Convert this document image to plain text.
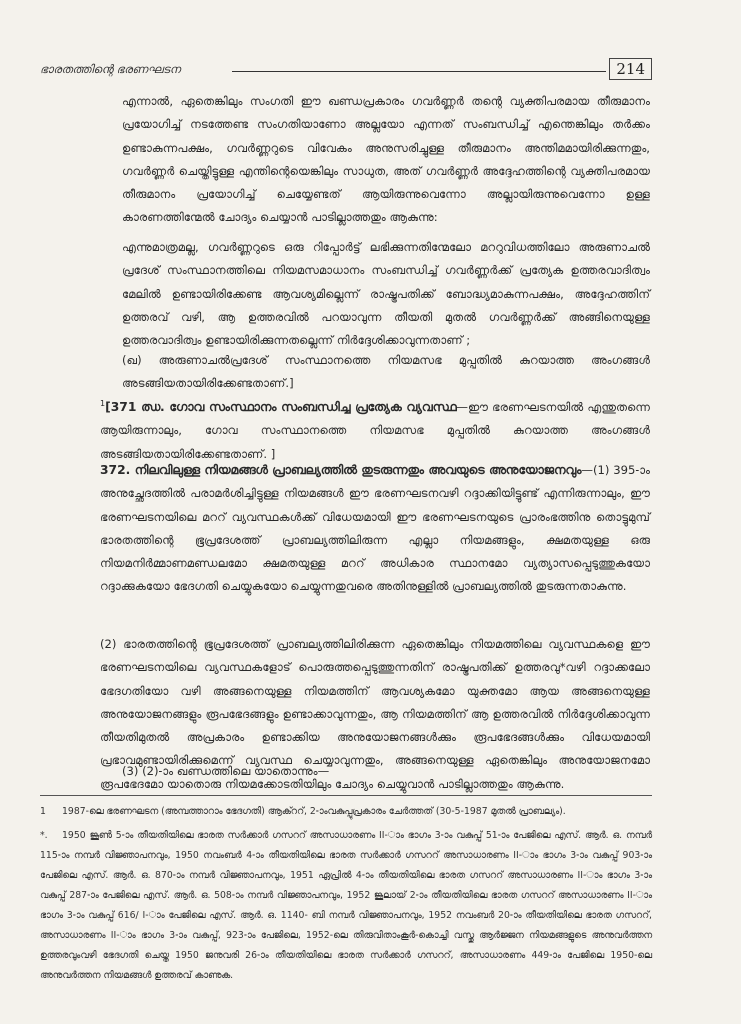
ഭാരതത്തിന്റെ ഭരണഘടന	214

എന്നാൽ, ഏതെങ്കിലും സംഗതി ഈ ഖണ്ഡപ്രകാരം ഗവർണ്ണർ തന്റെ വ്യക്തിപരമായ തീരുമാനം പ്രയോഗിച്ച് നടത്തേണ്ട സംഗതിയാണോ അല്ലയോ എന്നത് സംബന്ധിച്ച് എന്തെങ്കിലും തർക്കം ഉണ്ടാകുന്നപക്ഷം, ഗവർണ്ണറുടെ വിവേകം അനുസരിച്ചുള്ള തീരുമാനം അന്തിമമായിരിക്കുന്നതും, ഗവർണ്ണർ ചെയ്തിട്ടുള്ള എന്തിന്റെയെങ്കിലും സാധുത, അത് ഗവർണ്ണർ അദ്ദേഹത്തിന്റെ വ്യക്തിപരമായ തീരുമാനം പ്രയോഗിച്ച് ചെയ്യേണ്ടത് ആയിരുന്നുവെന്നോ അല്ലായിരുന്നുവെന്നോ ഉള്ള കാരണത്തിന്മേൽ ചോദ്യം ചെയ്യാൻ പാടില്ലാത്തതും ആകുന്നു:

എന്നുമാത്രമല്ല, ഗവർണ്ണറുടെ ഒരു റിപ്പോർട്ട് ലഭിക്കുന്നതിന്മേലോ മററുവിധത്തിലോ അരുണാചൽ പ്രദേശ് സംസ്ഥാനത്തിലെ നിയമസമാധാനം സംബന്ധിച്ച് ഗവർണ്ണർക്ക് പ്രത്യേക ഉത്തരവാദിത്വം മേലിൽ ഉണ്ടായിരിക്കേണ്ട ആവശ്യമില്ലെന്ന് രാഷ്ട്രപതിക്ക് ബോദ്ധ്യമാകുന്നപക്ഷം, അദ്ദേഹത്തിന് ഉത്തരവ് വഴി, ആ ഉത്തരവിൽ പറയാവുന്ന തീയതി മുതൽ ഗവർണ്ണർക്ക് അങ്ങിനെയുള്ള ഉത്തരവാദിത്വം ഉണ്ടായിരിക്കുന്നതല്ലെന്ന് നിർദ്ദേശിക്കാവുന്നതാണ് ;

(ഖ) അരുണാചൽപ്രദേശ് സംസ്ഥാനത്തെ നിയമസഭ മുപ്പതിൽ കുറയാത്ത അംഗങ്ങൾ അടങ്ങിയതായിരിക്കേണ്ടതാണ്.]

$^1$[371 ഝ. ഗോവ സംസ്ഥാനം സംബന്ധിച്ച പ്രത്യേക വ്യവസ്ഥ—ഈ ഭരണഘടനയിൽ എന്തുതന്നെ ആയിരുന്നാലും, ഗോവ സംസ്ഥാനത്തെ നിയമസഭ മുപ്പതിൽ കുറയാത്ത അംഗങ്ങൾ അടങ്ങിയതായിരിക്കേണ്ടതാണ്. ]

372. നിലവിലുള്ള നിയമങ്ങൾ പ്രാബല്യത്തിൽ തുടരുന്നതും അവയുടെ അനുയോജനവും—(1) 395-ാം അനുച്ഛേദത്തിൽ പരാമർശിച്ചിട്ടുള്ള നിയമങ്ങൾ ഈ ഭരണഘടനവഴി റദ്ദാക്കിയിട്ടുണ്ട് എന്നിരുന്നാലും, ഈ ഭരണഘടനയിലെ മററ് വ്യവസ്ഥകൾക്ക് വിധേയമായി ഈ ഭരണഘടനയുടെ പ്രാരംഭത്തിനു തൊട്ടുമുമ്പ് ഭാരതത്തിന്റെ ഭൂപ്രദേശത്ത് പ്രാബല്യത്തിലിരുന്ന എല്ലാ നിയമങ്ങളും, ക്ഷമതയുള്ള ഒരു നിയമനിർമ്മാണമണ്ഡലമോ ക്ഷമതയുള്ള മററ് അധികാര സ്ഥാനമോ വ്യത്യാസപ്പെടുത്തുകയോ റദ്ദാക്കുകയോ ഭേദഗതി ചെയ്യുകയോ ചെയ്യുന്നതുവരെ അതിനുള്ളിൽ പ്രാബല്യത്തിൽ തുടരുന്നതാകുന്നു.

(2) ഭാരതത്തിന്റെ ഭൂപ്രദേശത്ത് പ്രാബല്യത്തിലിരിക്കുന്ന ഏതെങ്കിലും നിയമത്തിലെ വ്യവസ്ഥകളെ ഈ ഭരണഘടനയിലെ വ്യവസ്ഥകളോട് പൊരുത്തപ്പെടുത്തുന്നതിന് രാഷ്ട്രപതിക്ക് ഉത്തരവു*വഴി റദ്ദാക്കലോ ഭേദഗതിയോ വഴി അങ്ങനെയുള്ള നിയമത്തിന് ആവശ്യകമോ യുക്തമോ ആയ അങ്ങനെയുള്ള അനുയോജനങ്ങളും രൂപഭേദങ്ങളും ഉണ്ടാക്കാവുന്നതും, ആ നിയമത്തിന് ആ ഉത്തരവിൽ നിർദ്ദേശിക്കാവുന്ന തീയതിമുതൽ അപ്രകാരം ഉണ്ടാക്കിയ അനുയോജനങ്ങൾക്കും രൂപഭേദങ്ങൾക്കും വിധേയമായി പ്രഭാവമുണ്ടായിരിക്കുമെന്ന് വ്യവസ്ഥ ചെയ്യാവുന്നതും, അങ്ങനെയുള്ള ഏതെങ്കിലും അനുയോജനമോ രൂപഭേദമോ യാതൊരു നിയമക്കോടതിയിലും ചോദ്യം ചെയ്യുവാൻ പാടില്ലാത്തതും ആകുന്നു.

(3) (2)-ാം ഖണ്ഡത്തിലെ യാതൊന്നും—

1 1987-ലെ ഭരണഘടന (അമ്പത്താറാം ഭേദഗതി) ആക്ററ്, 2-ാംവകുപ്പുപ്രകാരം ചേർത്തത് (30-5-1987 മുതൽ പ്രാബല്യം).

*. 1950 ജൂൺ 5-ാം തീയതിയിലെ ഭാരത സർക്കാർ ഗസററ് അസാധാരണം II-ാം ഭാഗം 3-ാം വകുപ്പ് 51-ാം പേജിലെ എസ്. ആർ. ഒ. നമ്പർ 115-ാം നമ്പർ വിജ്ഞാപനവും, 1950 നവംബർ 4-ാം തീയതിയിലെ ഭാരത സർക്കാർ ഗസററ് അസാധാരണം II-ാം ഭാഗം 3-ാം വകുപ്പ് 903-ാം പേജിലെ എസ്. ആർ. ഒ. 870-ാം നമ്പർ വിജ്ഞാപനവും, 1951 ഏപ്രിൽ 4-ാം തീയതിയിലെ ഭാരത ഗസററ് അസാധാരണം II-ാം ഭാഗം 3-ാം വകുപ്പ് 287-ാം പേജിലെ എസ്. ആർ. ഒ. 508-ാം നമ്പർ വിജ്ഞാപനവും, 1952 ജൂലായ് 2-ാം തീയതിയിലെ ഭാരത ഗസററ് അസാധാരണം II-ാം ഭാഗം 3-ാം വകുപ്പ് 616/ I-ാം പേജിലെ എസ്. ആർ. ഒ. 1140- ബി നമ്പർ വിജ്ഞാപനവും, 1952 നവംബർ 20-ാം തീയതിയിലെ ഭാരത ഗസററ്, അസാധാരണം II-ാം ഭാഗം 3-ാം വകുപ്പ്, 923-ാം പേജിലെ, 1952-ലെ തിരുവിതാംകൂർ-കൊച്ചി വസ്തു ആർജ്ജന നിയമങ്ങളുടെ അനുവർത്തന ഉത്തരവുംവഴി ഭേദഗതി ചെയ്ത 1950 ജനുവരി 26-ാം തീയതിയിലെ ഭാരത സർക്കാർ ഗസററ്, അസാധാരണം 449-ാം പേജിലെ 1950-ലെ അനുവർത്തന നിയമങ്ങൾ ഉത്തരവ് കാണുക.
